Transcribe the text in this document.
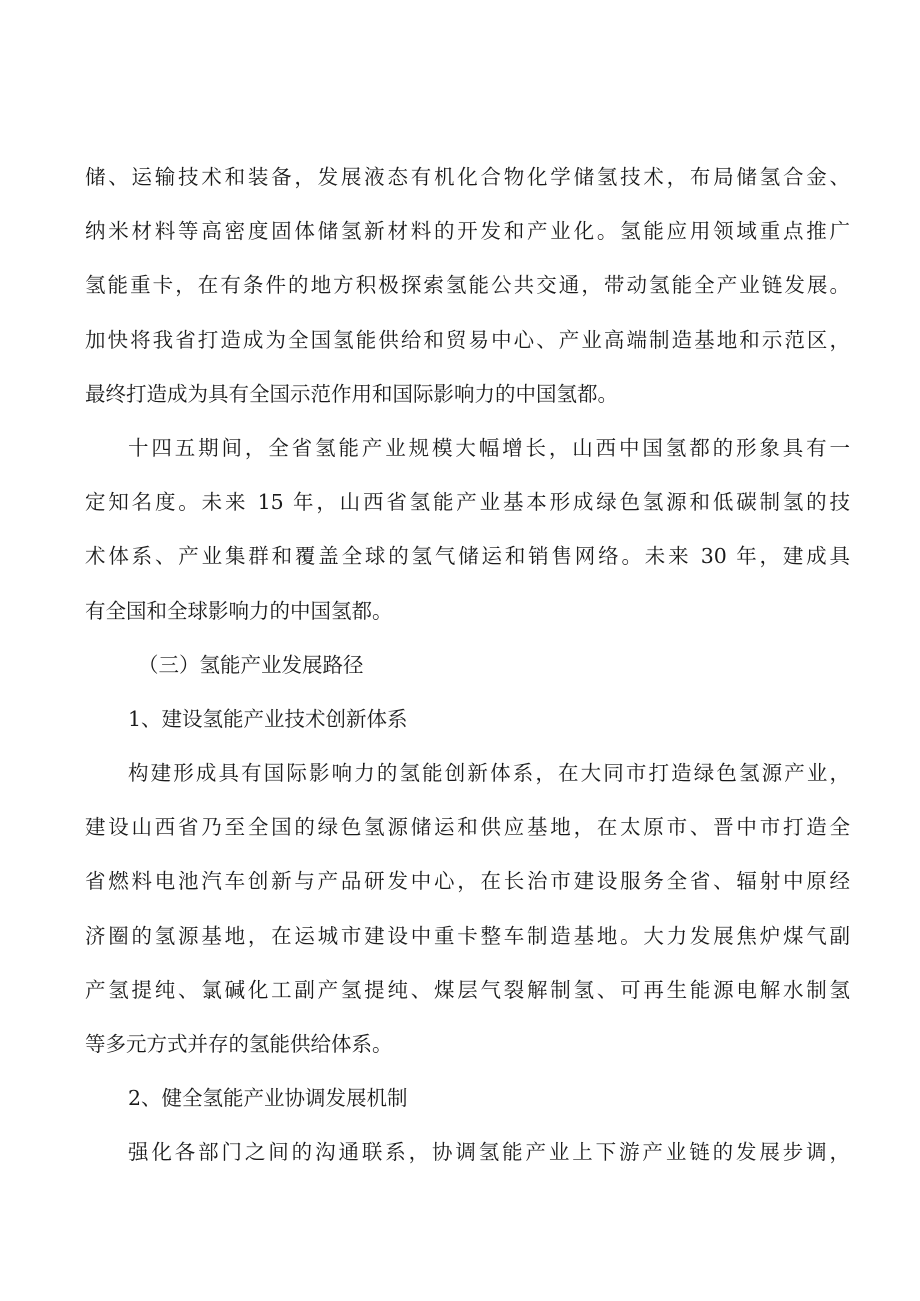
储、运输技术和装备，发展液态有机化合物化学储氢技术，布局储氢合金、
纳米材料等高密度固体储氢新材料的开发和产业化。氢能应用领域重点推广
氢能重卡，在有条件的地方积极探索氢能公共交通，带动氢能全产业链发展。
加快将我省打造成为全国氢能供给和贸易中心、产业高端制造基地和示范区，
最终打造成为具有全国示范作用和国际影响力的中国氢都。
十四五期间，全省氢能产业规模大幅增长，山西中国氢都的形象具有一
定知名度。未来 15 年，山西省氢能产业基本形成绿色氢源和低碳制氢的技
术体系、产业集群和覆盖全球的氢气储运和销售网络。未来 30 年，建成具
有全国和全球影响力的中国氢都。
（三）氢能产业发展路径
1、建设氢能产业技术创新体系
构建形成具有国际影响力的氢能创新体系，在大同市打造绿色氢源产业，
建设山西省乃至全国的绿色氢源储运和供应基地，在太原市、晋中市打造全
省燃料电池汽车创新与产品研发中心，在长治市建设服务全省、辐射中原经
济圈的氢源基地，在运城市建设中重卡整车制造基地。大力发展焦炉煤气副
产氢提纯、氯碱化工副产氢提纯、煤层气裂解制氢、可再生能源电解水制氢
等多元方式并存的氢能供给体系。
2、健全氢能产业协调发展机制
强化各部门之间的沟通联系，协调氢能产业上下游产业链的发展步调，
